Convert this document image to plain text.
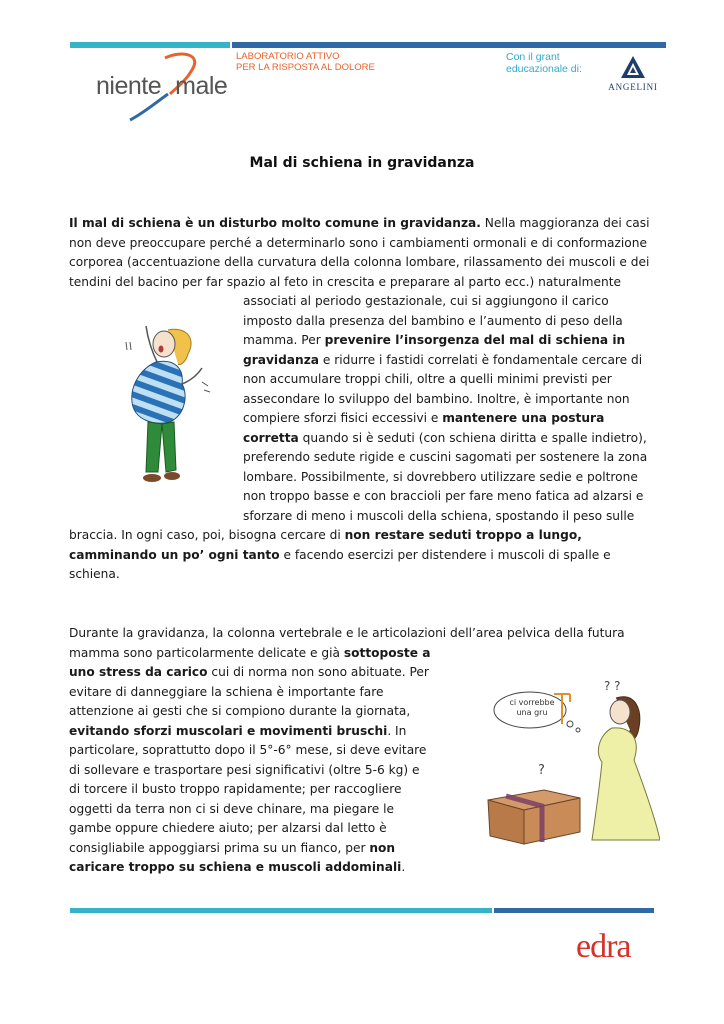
niente male
LABORATORIO ATTIVO
PER LA RISPOSTA AL DOLORE
Con il grant
educazionale di:
ANGELINI
Mal di schiena in gravidanza
Il mal di schiena è un disturbo molto comune in gravidanza. Nella maggioranza dei casi
non deve preoccupare perché a determinarlo sono i cambiamenti ormonali e di conformazione
corporea (accentuazione della curvatura della colonna lombare, rilassamento dei muscoli e dei
tendini del bacino per far spazio al feto in crescita e preparare al parto ecc.) naturalmente
associati al periodo gestazionale, cui si aggiungono il carico
imposto dalla presenza del bambino e l’aumento di peso della
mamma. Per prevenire l’insorgenza del mal di schiena in
gravidanza e ridurre i fastidi correlati è fondamentale cercare di
non accumulare troppi chili, oltre a quelli minimi previsti per
assecondare lo sviluppo del bambino. Inoltre, è importante non
compiere sforzi fisici eccessivi e mantenere una postura
corretta quando si è seduti (con schiena diritta e spalle indietro),
preferendo sedute rigide e cuscini sagomati per sostenere la zona
lombare. Possibilmente, si dovrebbero utilizzare sedie e poltrone
non troppo basse e con braccioli per fare meno fatica ad alzarsi e
sforzare di meno i muscoli della schiena, spostando il peso sulle
braccia. In ogni caso, poi, bisogna cercare di non restare seduti troppo a lungo,
camminando un po’ ogni tanto e facendo esercizi per distendere i muscoli di spalle e
schiena.
Durante la gravidanza, la colonna vertebrale e le articolazioni dell’area pelvica della futura
mamma sono particolarmente delicate e già sottoposte a
uno stress da carico cui di norma non sono abituate. Per
evitare di danneggiare la schiena è importante fare
attenzione ai gesti che si compiono durante la giornata,
evitando sforzi muscolari e movimenti bruschi. In
particolare, soprattutto dopo il 5°-6° mese, si deve evitare
di sollevare e trasportare pesi significativi (oltre 5-6 kg) e
di torcere il busto troppo rapidamente; per raccogliere
oggetti da terra non ci si deve chinare, ma piegare le
gambe oppure chiedere aiuto; per alzarsi dal letto è
consigliabile appoggiarsi prima su un fianco, per non
caricare troppo su schiena e muscoli addominali.
? ?
?
ci vorrebbe
una gru
edra
